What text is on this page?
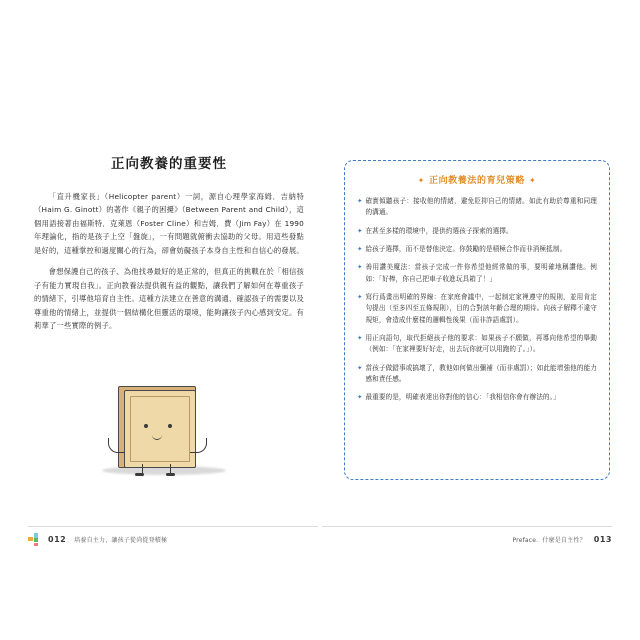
正向教養的重要性

「直升機家長」（Helicopter parent）一詞，源自心理學家海姆．吉納特（Haim G. Ginott）的著作《親子的困擾》（Between Parent and Child），這個用語接著由福斯特．克萊恩（Foster Cline）和吉姆．費（Jim Fay）在 1990 年理論化，指的是孩子上空「盤旋」，一有問題就俯衝去協助的父母。用這些發點是好的，這種掌控和過度關心的行為，卻會妨礙孩子本身自主性和自信心的發展。

會想保護自己的孩子、為他找尋最好的是正常的，但真正的挑戰在於「相信孩子有能力實現自我」。正向教養法提供親有益的觀點，讓我們了解如何在尊重孩子的情緒下，引導他培育自主性。這種方法建立在善意的溝通、確認孩子的需要以及尊重他的情緒上，並提供一個結構化但靈活的環境，能夠讓孩子內心感到安定。有莉華了一些實際的例子。

✦ 正向教養法的育兒策略 ✦
✦ 確實傾聽孩子：接收他的情緒，避免貶抑自己的情緒。如此有助於尊重和同理的溝通。
✦ 在甚至多樣的環境中，提供約選孩子探索的選擇。
✦ 給孩子選擇，而不是替他決定。你鼓勵的是積極合作而非消極抵制。
✦ 善用讚美魔法：當孩子完成一件你希望他經常做的事，要明確地稱讚他。例如：「好棒，你自己把車子收進玩具箱了！」
✦ 寫行爲畫出明確的界線：在家庭會議中，一起制定家裡遵守的規則，並用肯定句提出（至多四至五條規則），目的合對該年齡合理的期待。向孩子解釋不違守規矩，會造成什麼樣的邏輯性後果（而非詐語處罰）。
✦ 用正向語句，取代拒絕孩子他的要求：如果孩子不願做，再導向他希望的舉動（例如：「在家裡要好好走，出去玩你就可以用跑的了。」）。
✦ 當孩子做錯事或搞壞了，教他如何做出彌補（而非處罰）；如此能增強他的能力感和責任感。
✦ 最重要的是，明確表達出你對他的信心：「我相信你會有辦法的。」
012 培養自主力，讓孩子從尚從登積極	Preface．什麼是自主性？ 013
